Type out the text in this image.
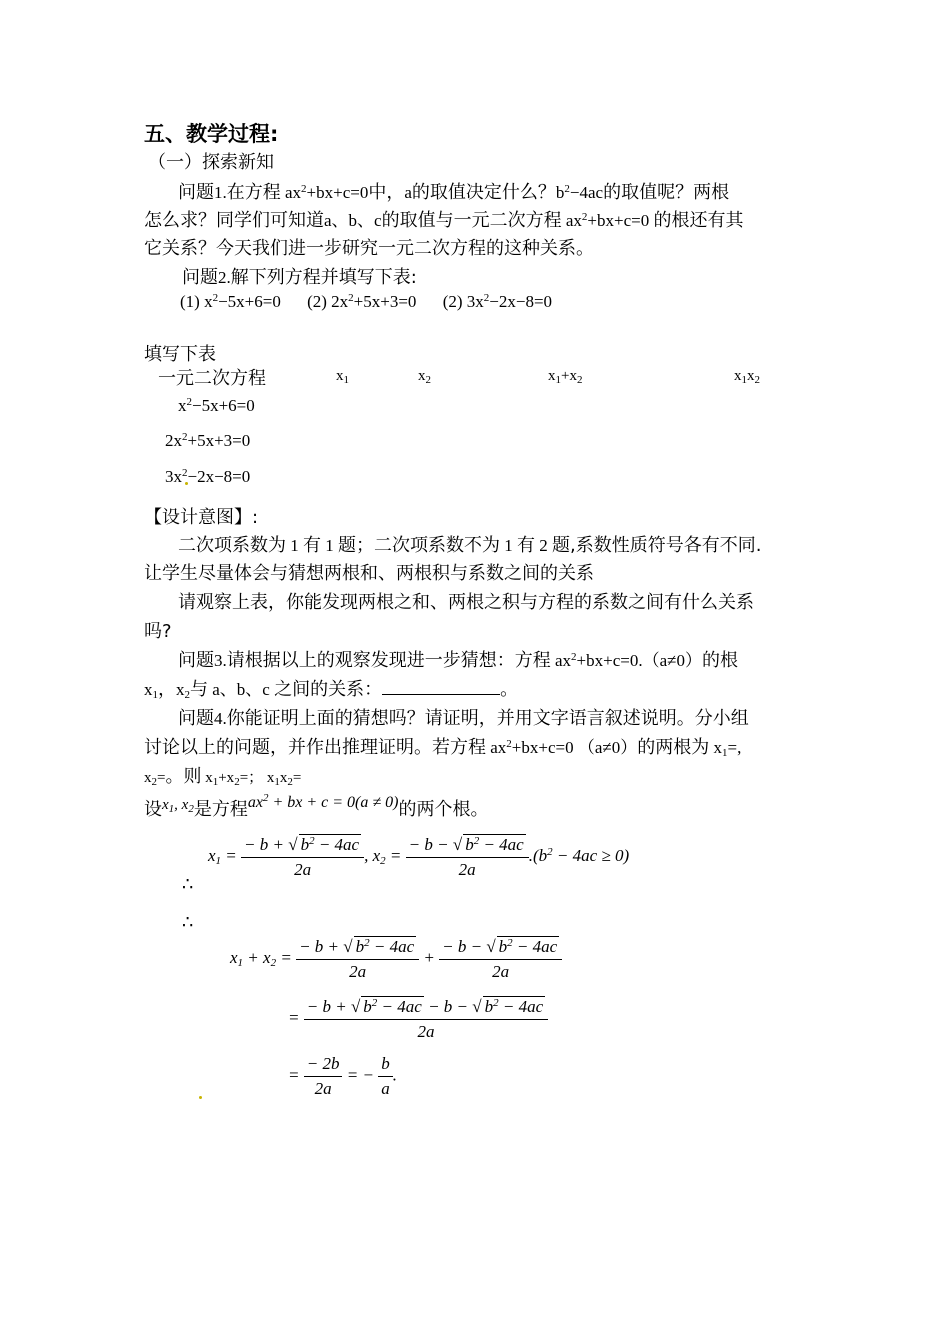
五、教学过程:
（一）探索新知
问题1.在方程 $ax^2+bx+c=0$中，a的取值决定什么？$b^2-4ac$的取值呢？两根
怎么求？同学们可知道a、b、c的取值与一元二次方程 $ax^2+bx+c=0$ 的根还有其
它关系？今天我们进一步研究一元二次方程的这种关系。
问题2.解下列方程并填写下表:
(1) $x^2-5x+6=0$ (2) $2x^2+5x+3=0$ (2) $3x^2-2x-8=0$
填写下表
一元二次方程	$x_1$	$x_2$	$x_1+x_2$	$x_1x_2$
$x^2-5x+6=0$
$2x^2+5x+3=0$
$3x^2-2x-8=0$
【设计意图】:
二次项系数为 1 有 1 题；二次项系数不为 1 有 2 题,系数性质符号各有不同.
让学生尽量体会与猜想两根和、两根积与系数之间的关系
请观察上表，你能发现两根之和、两根之积与方程的系数之间有什么关系
吗?
问题3.请根据以上的观察发现进一步猜想：方程 $ax^2+bx+c=0.(a\ne 0)$的根
$x_1$，$x_2$与 a、b、c 之间的关系：	。
问题4.你能证明上面的猜想吗？请证明，并用文字语言叙述说明。分小组
讨论以上的问题，并作出推理证明。若方程 $ax^2+bx+c=0$ （a≠0）的两根为 $x_1=$,
$x_2=$。则 $x_1+x_2=$； $x_1x_2=$
设$^{x_1, x_2}$是方程$ax^2$ + bx + c = 0(a ≠ 0)的两个根。
∴
$x_1 = \frac{- b + √ b^2 - 4ac}{2a}$ , $x_2 = \frac{- b - √ b^2 - 4ac}{2a} .(b^2 - 4ac \ge 0)$
∴
$x_1 + x_2 = \frac{- b + √ b^2 - 4ac}{2a} + \frac{- b - √ b^2 - 4ac}{2a}$
= $\frac{- b + √ b^2 - 4ac - b - √ b^2 - 4ac}{2a}$
= $\frac{- 2b}{2a}$ = − $\frac{b}{a}$ .
